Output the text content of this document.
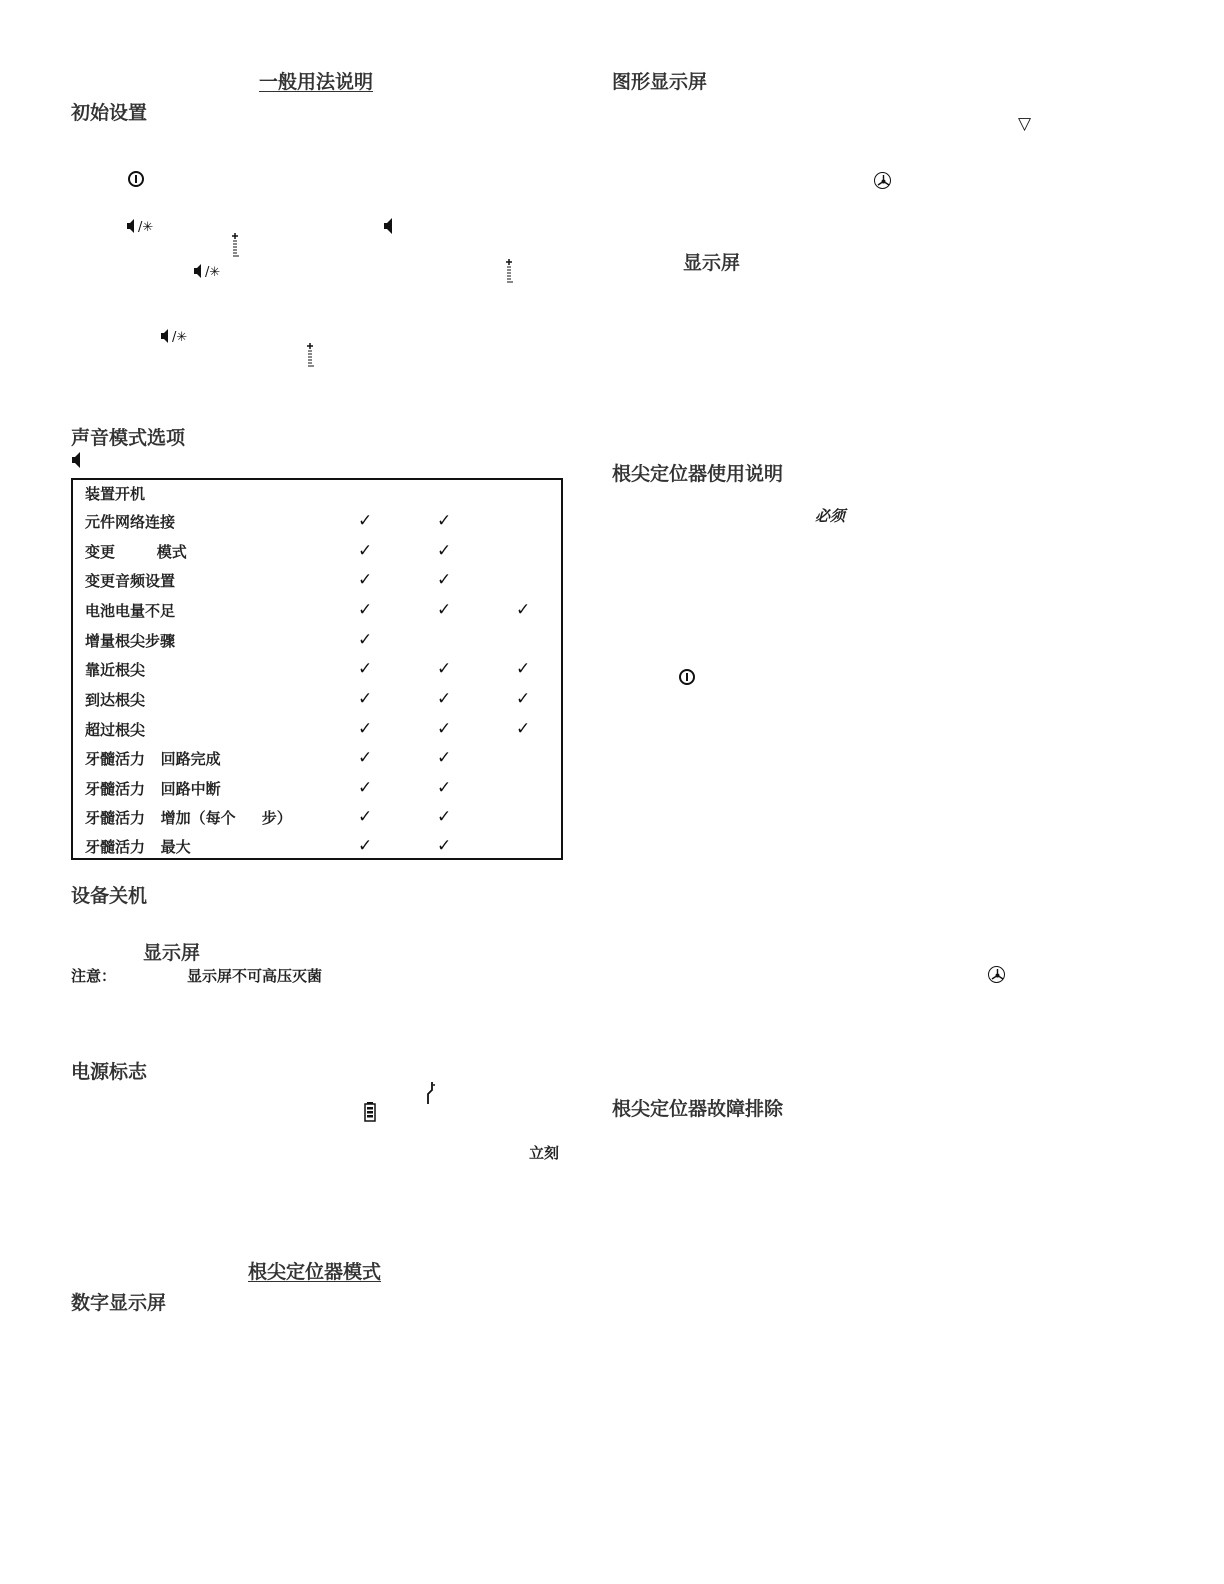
一般用法说明
初始设置
/✳
/✳
/✳
声音模式选项
装置开机
元件网络连接	✓	✓
变更        模式	✓	✓
变更音频设置	✓	✓
电池电量不足	✓	✓	✓
增量根尖步骤	✓
靠近根尖	✓	✓	✓
到达根尖	✓	✓	✓
超过根尖	✓	✓	✓
牙髓活力   回路完成	✓	✓
牙髓活力   回路中断	✓	✓
牙髓活力   增加（每个     步）	✓	✓
牙髓活力   最大	✓	✓
设备关机
显示屏
注意：	显示屏不可高压灭菌
电源标志
立刻
根尖定位器模式
数字显示屏
图形显示屏
▽
显示屏
根尖定位器使用说明
必须
根尖定位器故障排除
